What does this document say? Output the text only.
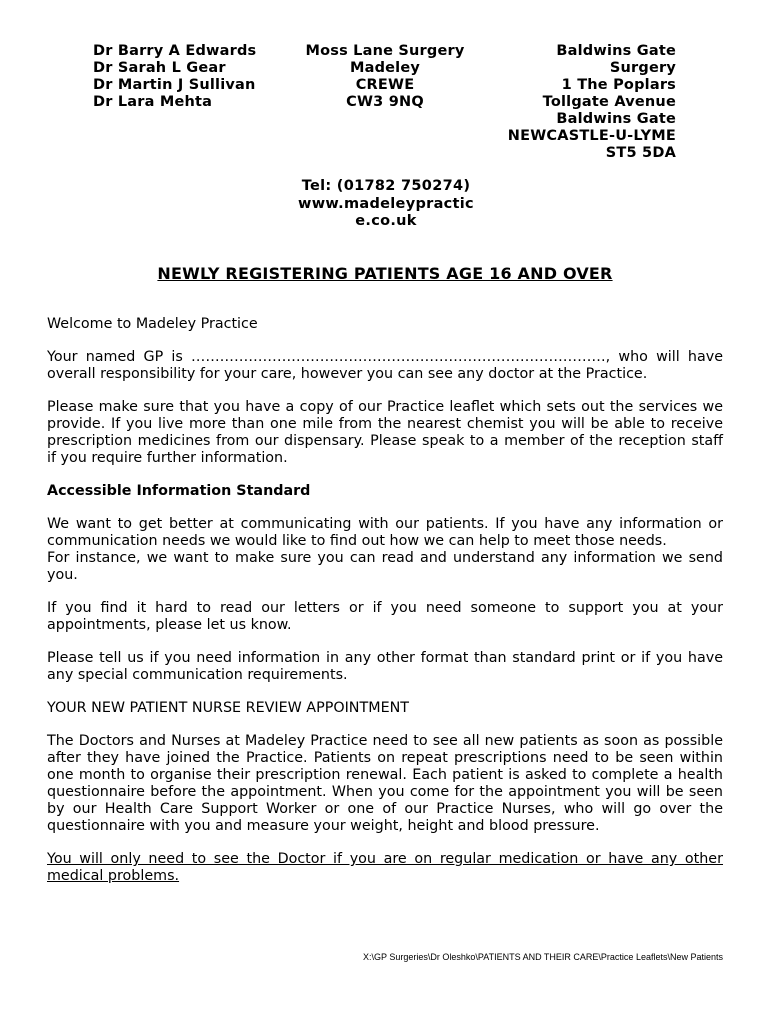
Dr Barry A Edwards
Dr Sarah L Gear
Dr Martin J Sullivan
Dr Lara Mehta
Moss Lane Surgery
Madeley
CREWE
CW3 9NQ
Baldwins Gate
Surgery
1 The Poplars
Tollgate Avenue
Baldwins Gate
NEWCASTLE-U-LYME
ST5 5DA
Tel: (01782 750274)
www.madeleypractic
e.co.uk
NEWLY REGISTERING PATIENTS AGE 16 AND OVER

Welcome to Madeley Practice

Your named GP is ……………………………………………………………………………, who will have overall responsibility for your care, however you can see any doctor at the Practice.

Please make sure that you have a copy of our Practice leaflet which sets out the services we provide. If you live more than one mile from the nearest chemist you will be able to receive prescription medicines from our dispensary. Please speak to a member of the reception staff if you require further information.

Accessible Information Standard

We want to get better at communicating with our patients. If you have any information or communication needs we would like to find out how we can help to meet those needs.

For instance, we want to make sure you can read and understand any information we send you.

If you find it hard to read our letters or if you need someone to support you at your appointments, please let us know.

Please tell us if you need information in any other format than standard print or if you have any special communication requirements.

YOUR NEW PATIENT NURSE REVIEW APPOINTMENT

The Doctors and Nurses at Madeley Practice need to see all new patients as soon as possible after they have joined the Practice. Patients on repeat prescriptions need to be seen within one month to organise their prescription renewal. Each patient is asked to complete a health questionnaire before the appointment. When you come for the appointment you will be seen by our Health Care Support Worker or one of our Practice Nurses, who will go over the questionnaire with you and measure your weight, height and blood pressure.

You will only need to see the Doctor if you are on regular medication or have any other medical problems.

X:\GP Surgeries\Dr Oleshko\PATIENTS AND THEIR CARE\Practice Leaflets\New Patients
